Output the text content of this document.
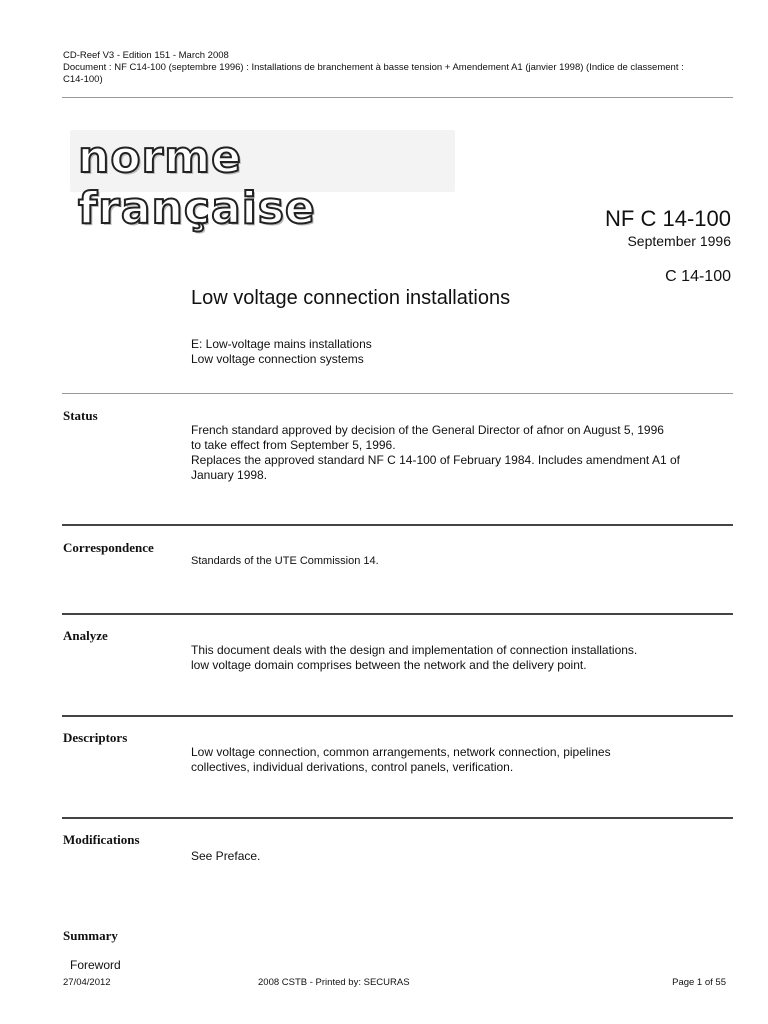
CD-Reef V3 - Edition 151 - March 2008
Document : NF C14-100 (septembre 1996) : Installations de branchement à basse tension + Amendement A1 (janvier 1998) (Indice de classement :
C14-100)
norme française	NF C 14-100
September 1996
C 14-100
Low voltage connection installations
E: Low-voltage mains installations
Low voltage connection systems
Status
French standard approved by decision of the General Director of afnor on August 5, 1996
to take effect from September 5, 1996.
Replaces the approved standard NF C 14-100 of February 1984. Includes amendment A1 of
January 1998.
Correspondence
Standards of the UTE Commission 14.
Analyze
This document deals with the design and implementation of connection installations.
low voltage domain comprises between the network and the delivery point.
Descriptors
Low voltage connection, common arrangements, network connection, pipelines
collectives, individual derivations, control panels, verification.
Modifications
See Preface.
Summary
Foreword
27/04/2012	2008 CSTB - Printed by: SECURAS	Page 1 of 55
